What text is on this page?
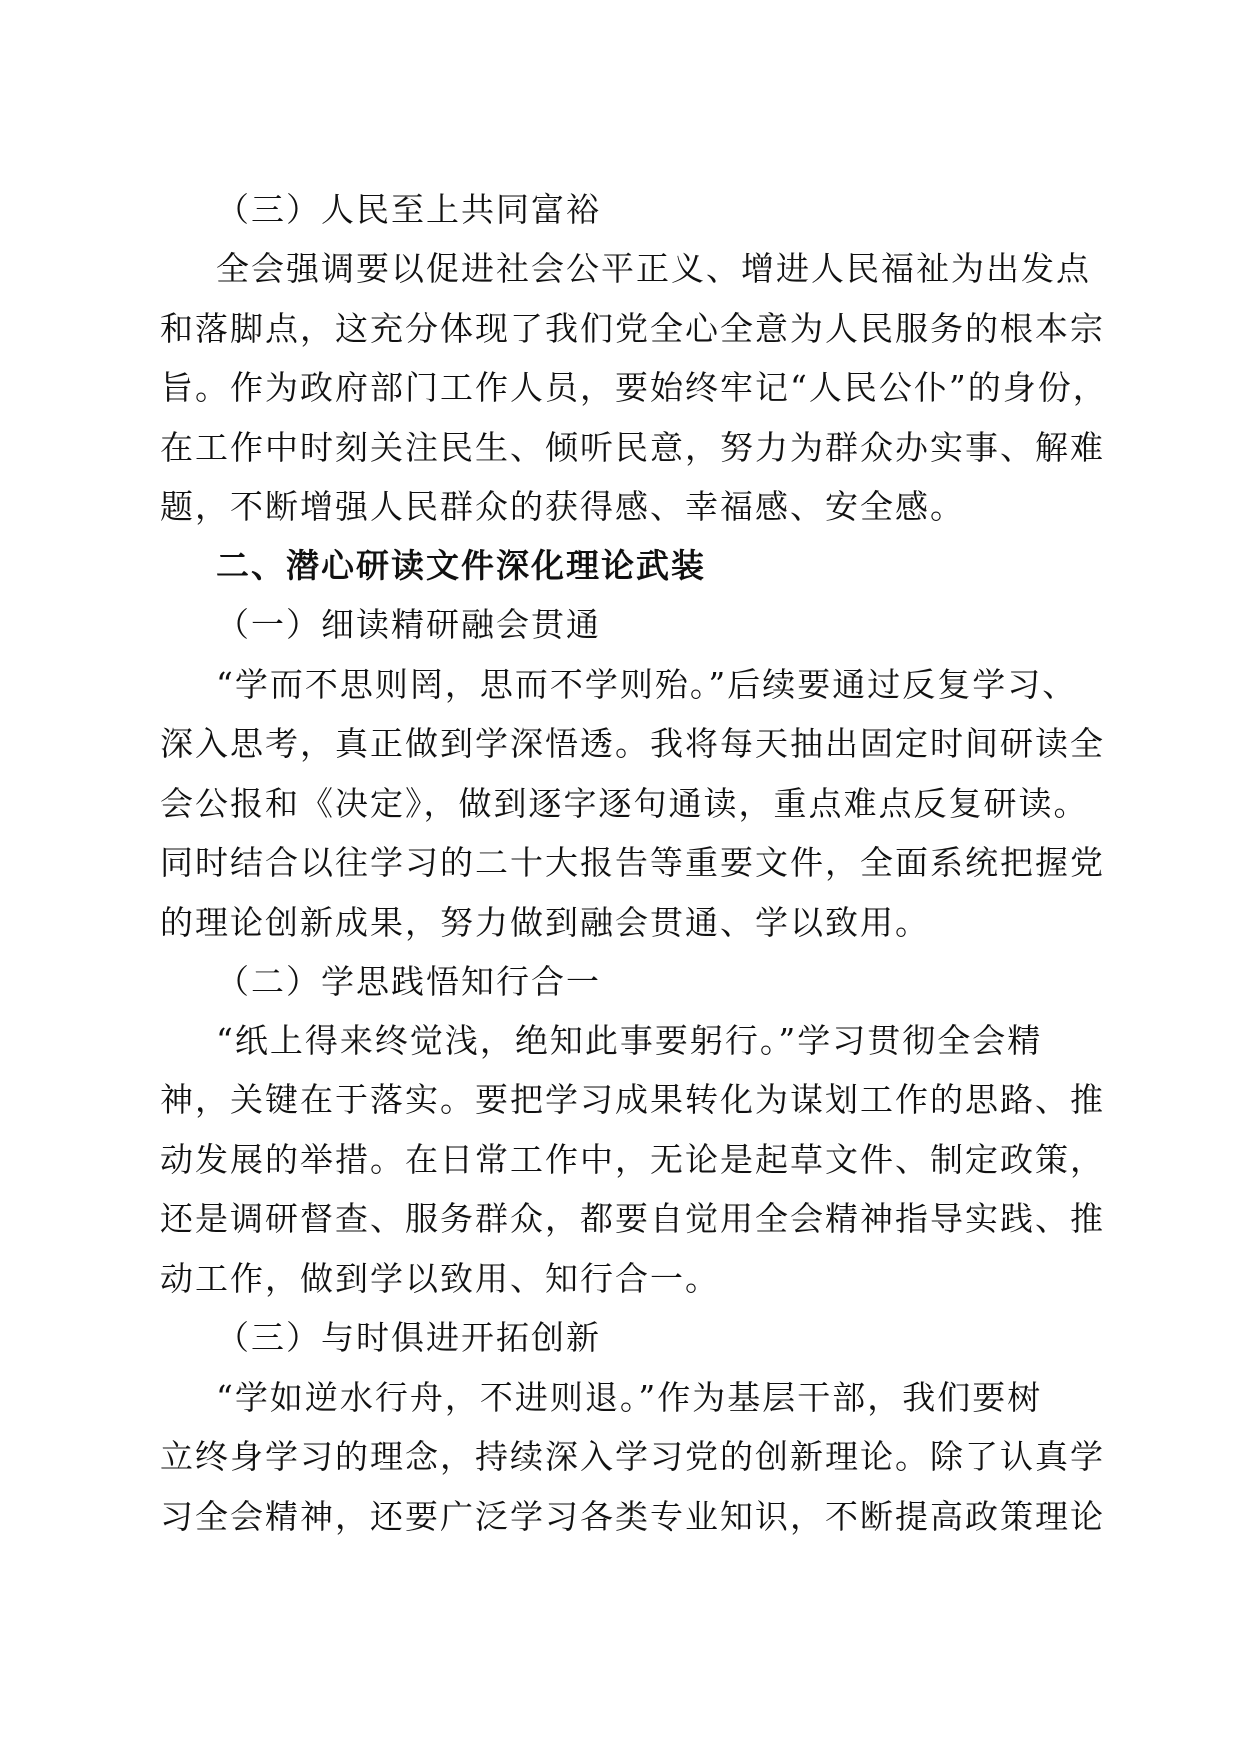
（三）人民至上共同富裕
全会强调要以促进社会公平正义、增进人民福祉为出发点
和落脚点，这充分体现了我们党全心全意为人民服务的根本宗
旨。作为政府部门工作人员，要始终牢记“人民公仆”的身份，
在工作中时刻关注民生、倾听民意，努力为群众办实事、解难
题，不断增强人民群众的获得感、幸福感、安全感。
二、潜心研读文件深化理论武装
（一）细读精研融会贯通
“学而不思则罔，思而不学则殆。”后续要通过反复学习、
深入思考，真正做到学深悟透。我将每天抽出固定时间研读全
会公报和《决定》，做到逐字逐句通读，重点难点反复研读。
同时结合以往学习的二十大报告等重要文件，全面系统把握党
的理论创新成果，努力做到融会贯通、学以致用。
（二）学思践悟知行合一
“纸上得来终觉浅，绝知此事要躬行。”学习贯彻全会精
神，关键在于落实。要把学习成果转化为谋划工作的思路、推
动发展的举措。在日常工作中，无论是起草文件、制定政策，
还是调研督查、服务群众，都要自觉用全会精神指导实践、推
动工作，做到学以致用、知行合一。
（三）与时俱进开拓创新
“学如逆水行舟，不进则退。”作为基层干部，我们要树
立终身学习的理念，持续深入学习党的创新理论。除了认真学
习全会精神，还要广泛学习各类专业知识，不断提高政策理论
